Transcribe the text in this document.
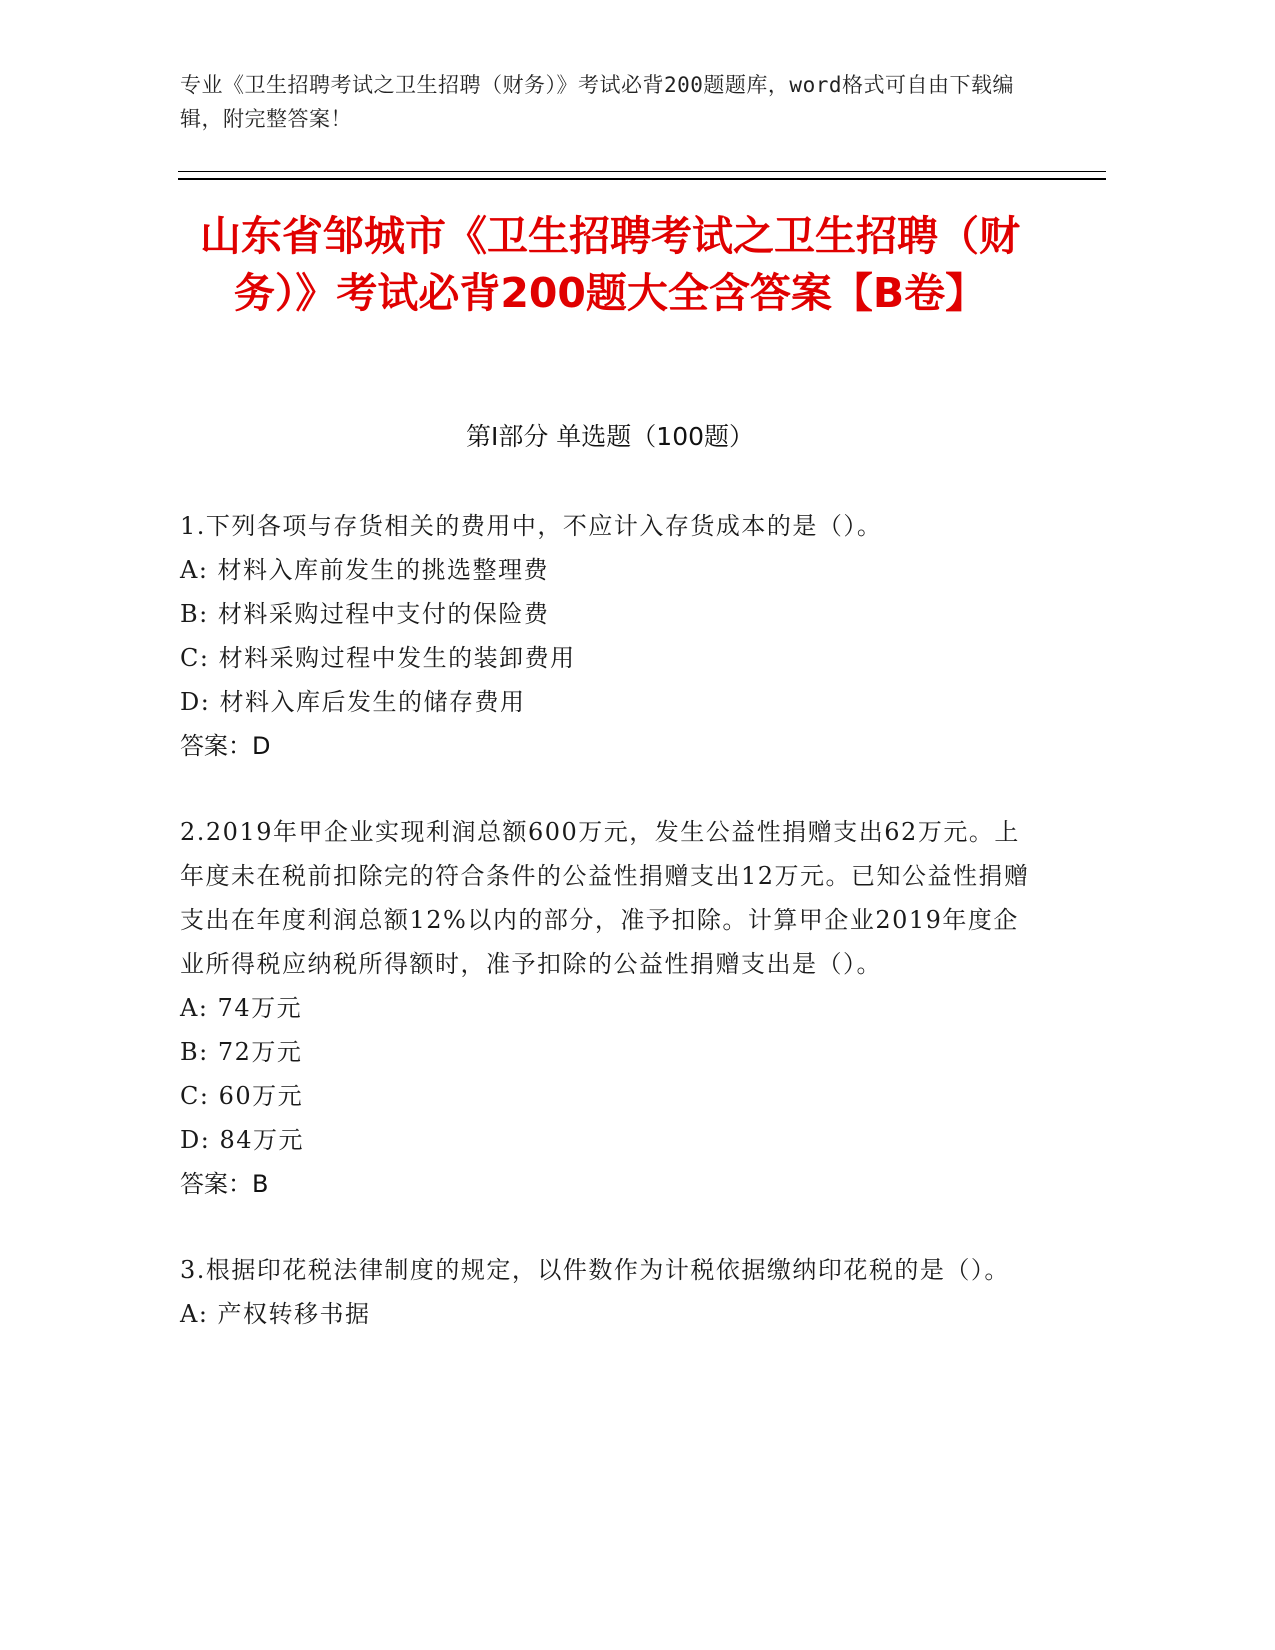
专业《卫生招聘考试之卫生招聘（财务）》考试必背200题题库，word格式可自由下载编辑，附完整答案！
山东省邹城市《卫生招聘考试之卫生招聘（财务）》考试必背200题大全含答案【B卷】
第I部分 单选题（100题）

1.下列各项与存货相关的费用中，不应计入存货成本的是（）。

A: 材料入库前发生的挑选整理费

B: 材料采购过程中支付的保险费

C: 材料采购过程中发生的装卸费用

D: 材料入库后发生的储存费用

答案：D

2.2019年甲企业实现利润总额600万元，发生公益性捐赠支出62万元。上年度未在税前扣除完的符合条件的公益性捐赠支出12万元。已知公益性捐赠支出在年度利润总额12%以内的部分，准予扣除。计算甲企业2019年度企业所得税应纳税所得额时，准予扣除的公益性捐赠支出是（）。

A: 74万元

B: 72万元

C: 60万元

D: 84万元

答案：B

3.根据印花税法律制度的规定，以件数作为计税依据缴纳印花税的是（）。

A: 产权转移书据
